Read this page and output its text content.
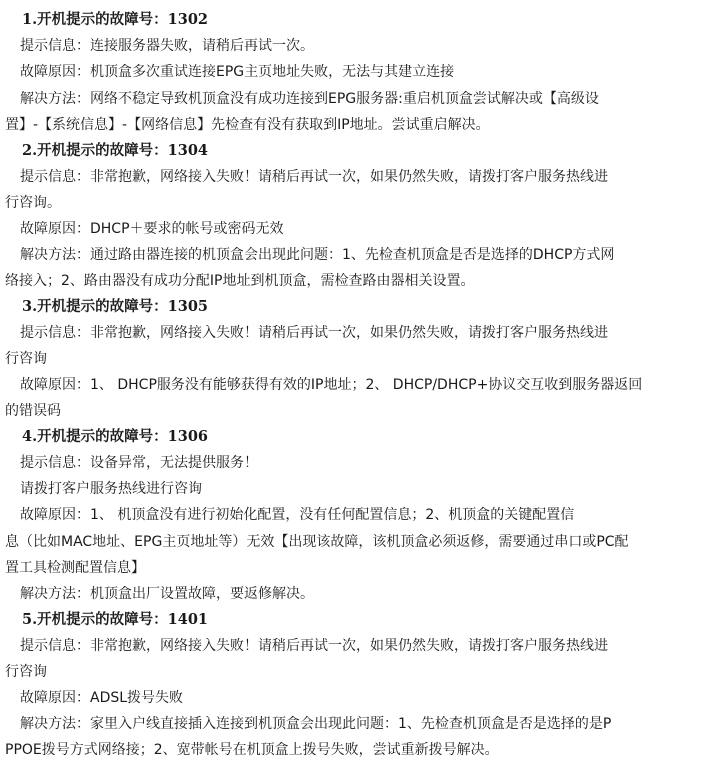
1.开机提示的故障号：1302
提示信息：连接服务器失败，请稍后再试一次。
故障原因：机顶盒多次重试连接EPG主页地址失败，无法与其建立连接
解决方法：网络不稳定导致机顶盒没有成功连接到EPG服务器:重启机顶盒尝试解决或【高级设
置】-【系统信息】-【网络信息】先检查有没有获取到IP地址。尝试重启解决。
2.开机提示的故障号：1304
提示信息：非常抱歉，网络接入失败！请稍后再试一次，如果仍然失败，请拨打客户服务热线进
行咨询。
故障原因：DHCP＋要求的帐号或密码无效
解决方法：通过路由器连接的机顶盒会出现此问题：1、先检查机顶盒是否是选择的DHCP方式网
络接入；2、路由器没有成功分配IP地址到机顶盒，需检查路由器相关设置。
3.开机提示的故障号：1305
提示信息：非常抱歉，网络接入失败！请稍后再试一次，如果仍然失败，请拨打客户服务热线进
行咨询
故障原因：1、 DHCP服务没有能够获得有效的IP地址；2、 DHCP/DHCP+协议交互收到服务器返回
的错误码
4.开机提示的故障号：1306
提示信息：设备异常，无法提供服务！
请拨打客户服务热线进行咨询
故障原因：1、 机顶盒没有进行初始化配置，没有任何配置信息；2、机顶盒的关键配置信
息（比如MAC地址、EPG主页地址等）无效【出现该故障，该机顶盒必须返修，需要通过串口或PC配
置工具检测配置信息】
解决方法：机顶盒出厂设置故障，要返修解决。
5.开机提示的故障号：1401
提示信息：非常抱歉，网络接入失败！请稍后再试一次，如果仍然失败，请拨打客户服务热线进
行咨询
故障原因：ADSL拨号失败
解决方法：家里入户线直接插入连接到机顶盒会出现此问题：1、先检查机顶盒是否是选择的是P
PPOE拨号方式网络接；2、宽带帐号在机顶盒上拨号失败，尝试重新拨号解决。
